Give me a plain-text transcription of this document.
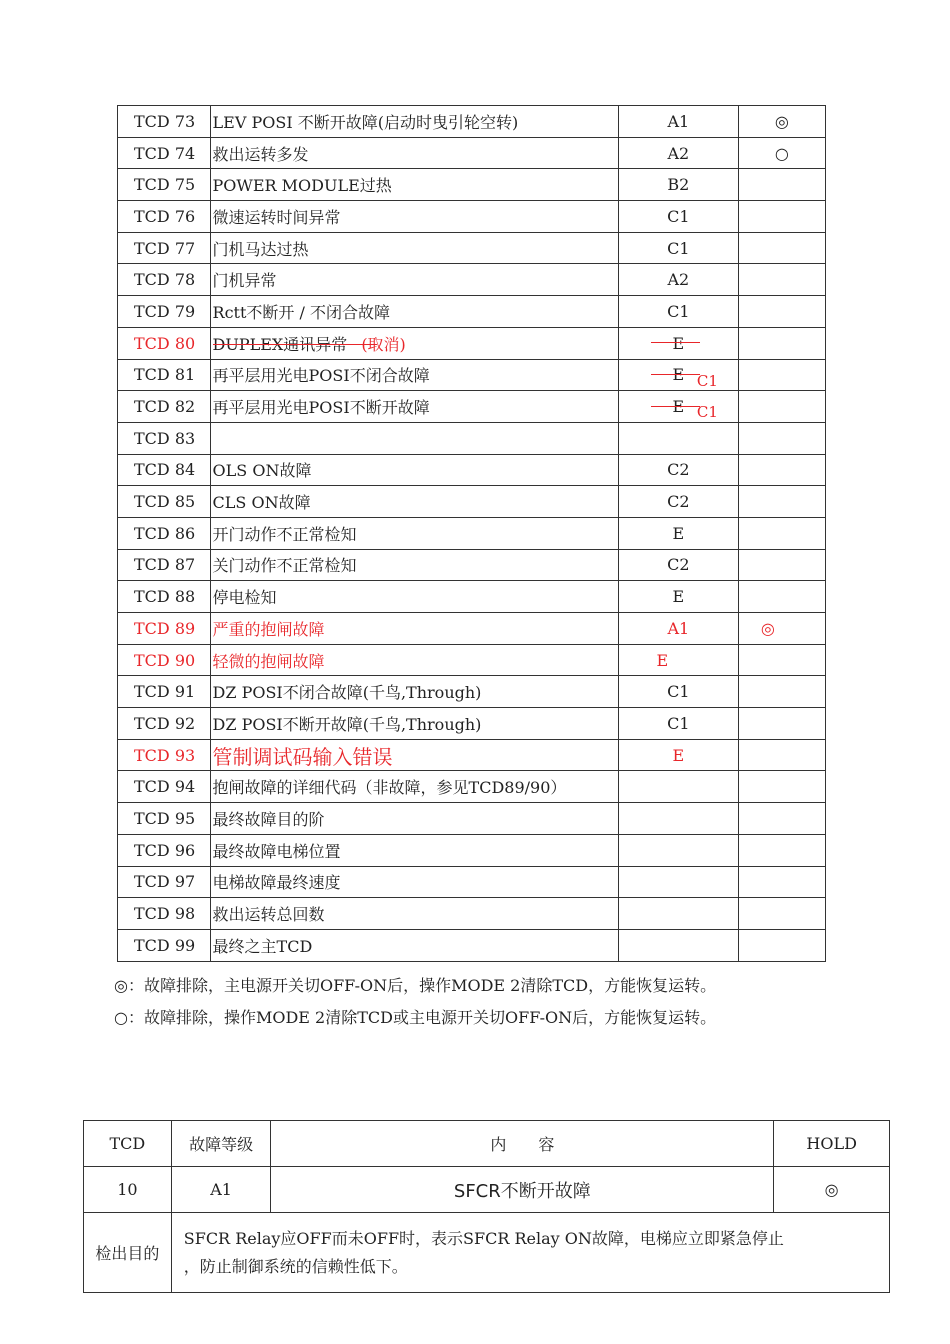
TCD 73	LEV POSI 不断开故障(启动时曳引轮空转)	A1	◎
TCD 74	救出运转多发	A2	○
TCD 75	POWER MODULE过热	B2	
TCD 76	微速运转时间异常	C1	
TCD 77	门机马达过热	C1	
TCD 78	门机异常	A2	
TCD 79	Rctt不断开 / 不闭合故障	C1	
TCD 80	DUPLEX通讯异常 (取消)	E	
TCD 81	再平层用光电POSI不闭合故障	E C1	

TCD 82	再平层用光电POSI不断开故障	E C1	

TCD 83			
TCD 84	OLS ON故障	C2	
TCD 85	CLS ON故障	C2	
TCD 86	开门动作不正常检知	E	
TCD 87	关门动作不正常检知	C2	
TCD 88	停电检知	E	
TCD 89	严重的抱闸故障	A1	◎
TCD 90	轻微的抱闸故障	E	
TCD 91	DZ POSI不闭合故障(千鸟,Through)	C1	
TCD 92	DZ POSI不断开故障(千鸟,Through)	C1	
TCD 93	管制调试码输入错误	E	
TCD 94	抱闸故障的详细代码（非故障，参见TCD89/90）		
TCD 95	最终故障目的阶		
TCD 96	最终故障电梯位置		
TCD 97	电梯故障最终速度		
TCD 98	救出运转总回数		
TCD 99	最终之主TCD		
◎：故障排除，主电源开关切OFF-ON后，操作MODE 2清除TCD，方能恢复运转。
○：故障排除，操作MODE 2清除TCD或主电源开关切OFF-ON后，方能恢复运转。
TCD	故障等级	内　　容	HOLD
10	A1	SFCR不断开故障	◎
检出目的	SFCR Relay应OFF而未OFF时，表示SFCR Relay ON故障，电梯应立即紧急停止
，防止制御系统的信赖性低下。		
